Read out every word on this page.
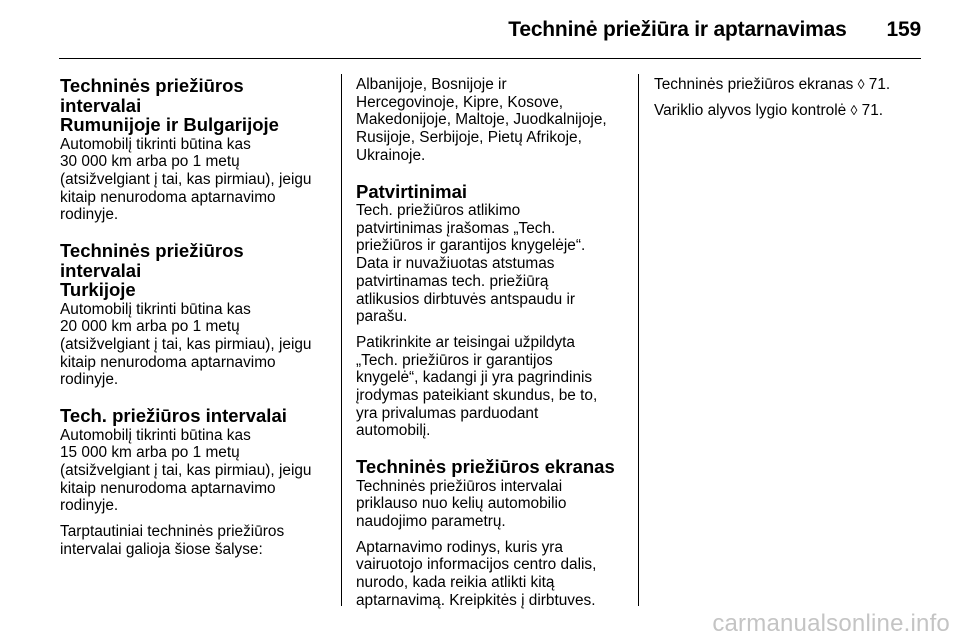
Techninė priežiūra ir aptarnavimas 159
Techninės priežiūros intervalai
Rumunijoje ir Bulgarijoje

Automobilį tikrinti būtina kas
30 000 km arba po 1 metų
(atsižvelgiant į tai, kas pirmiau), jeigu
kitaip nenurodoma aptarnavimo
rodinyje.

Techninės priežiūros intervalai
Turkijoje

Automobilį tikrinti būtina kas
20 000 km arba po 1 metų
(atsižvelgiant į tai, kas pirmiau), jeigu
kitaip nenurodoma aptarnavimo
rodinyje.

Tech. priežiūros intervalai

Automobilį tikrinti būtina kas
15 000 km arba po 1 metų
(atsižvelgiant į tai, kas pirmiau), jeigu
kitaip nenurodoma aptarnavimo
rodinyje.

Tarptautiniai techninės priežiūros
intervalai galioja šiose šalyse:

Albanijoje, Bosnijoje ir
Hercegovinoje, Kipre, Kosove,
Makedonijoje, Maltoje, Juodkalnijoje,
Rusijoje, Serbijoje, Pietų Afrikoje,
Ukrainoje.

Patvirtinimai

Tech. priežiūros atlikimo
patvirtinimas įrašomas „Tech.
priežiūros ir garantijos knygelėje“.
Data ir nuvažiuotas atstumas
patvirtinamas tech. priežiūrą
atlikusios dirbtuvės antspaudu ir
parašu.

Patikrinkite ar teisingai užpildyta
„Tech. priežiūros ir garantijos
knygelė“, kadangi ji yra pagrindinis
įrodymas pateikiant skundus, be to,
yra privalumas parduodant
automobilį.

Techninės priežiūros ekranas

Techninės priežiūros intervalai
priklauso nuo kelių automobilio
naudojimo parametrų.

Aptarnavimo rodinys, kuris yra
vairuotojo informacijos centro dalis,
nurodo, kada reikia atlikti kitą
aptarnavimą. Kreipkitės į dirbtuves.

Techninės priežiūros ekranas ◊ 71.

Variklio alyvos lygio kontrolė ◊ 71.

carmanualsonline.info
